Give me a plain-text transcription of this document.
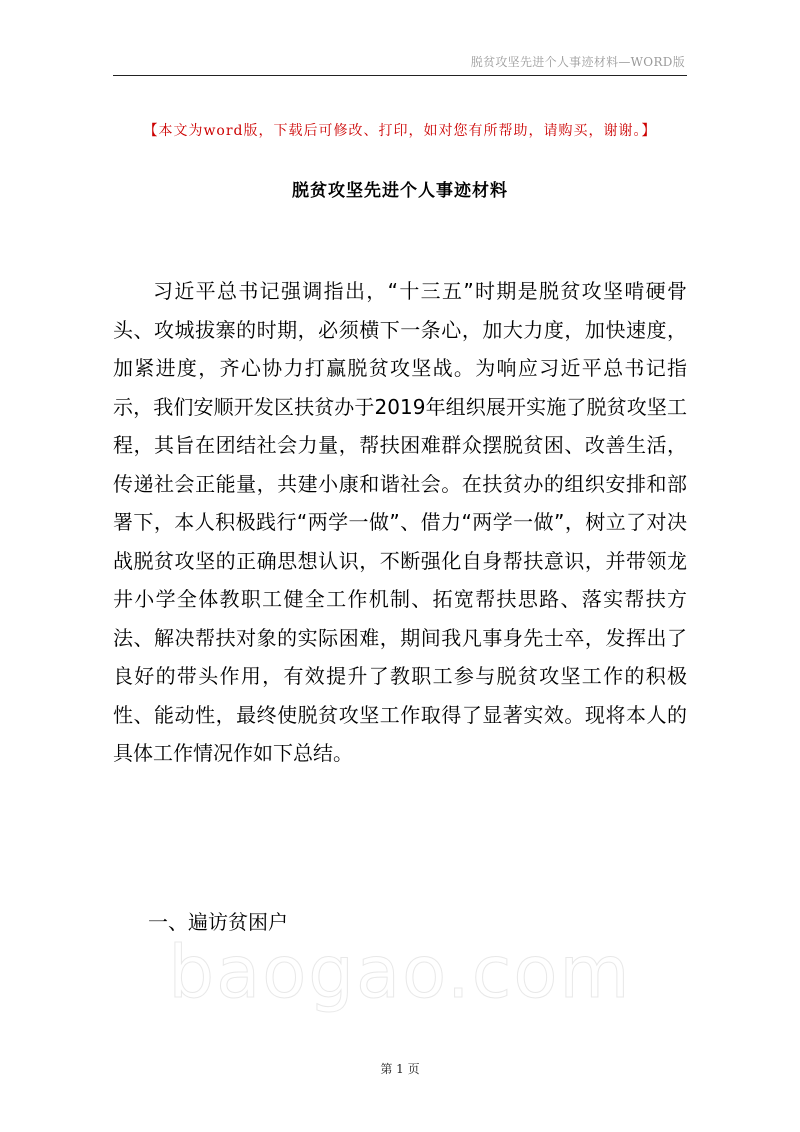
脱贫攻坚先进个人事迹材料—WORD版
【本文为word版，下载后可修改、打印，如对您有所帮助，请购买，谢谢。】
脱贫攻坚先进个人事迹材料

习近平总书记强调指出，“十三五”时期是脱贫攻坚啃硬骨头、攻城拔寨的时期，必须横下一条心，加大力度，加快速度，加紧进度，齐心协力打赢脱贫攻坚战。为响应习近平总书记指示，我们安顺开发区扶贫办于2019年组织展开实施了脱贫攻坚工程，其旨在团结社会力量，帮扶困难群众摆脱贫困、改善生活，传递社会正能量，共建小康和谐社会。在扶贫办的组织安排和部署下，本人积极践行“两学一做”、借力“两学一做”，树立了对决战脱贫攻坚的正确思想认识，不断强化自身帮扶意识，并带领龙井小学全体教职工健全工作机制、拓宽帮扶思路、落实帮扶方法、解决帮扶对象的实际困难，期间我凡事身先士卒，发挥出了良好的带头作用，有效提升了教职工参与脱贫攻坚工作的积极性、能动性，最终使脱贫攻坚工作取得了显著实效。现将本人的具体工作情况作如下总结。

baogao.com
一、遍访贫困户
第 1 页
